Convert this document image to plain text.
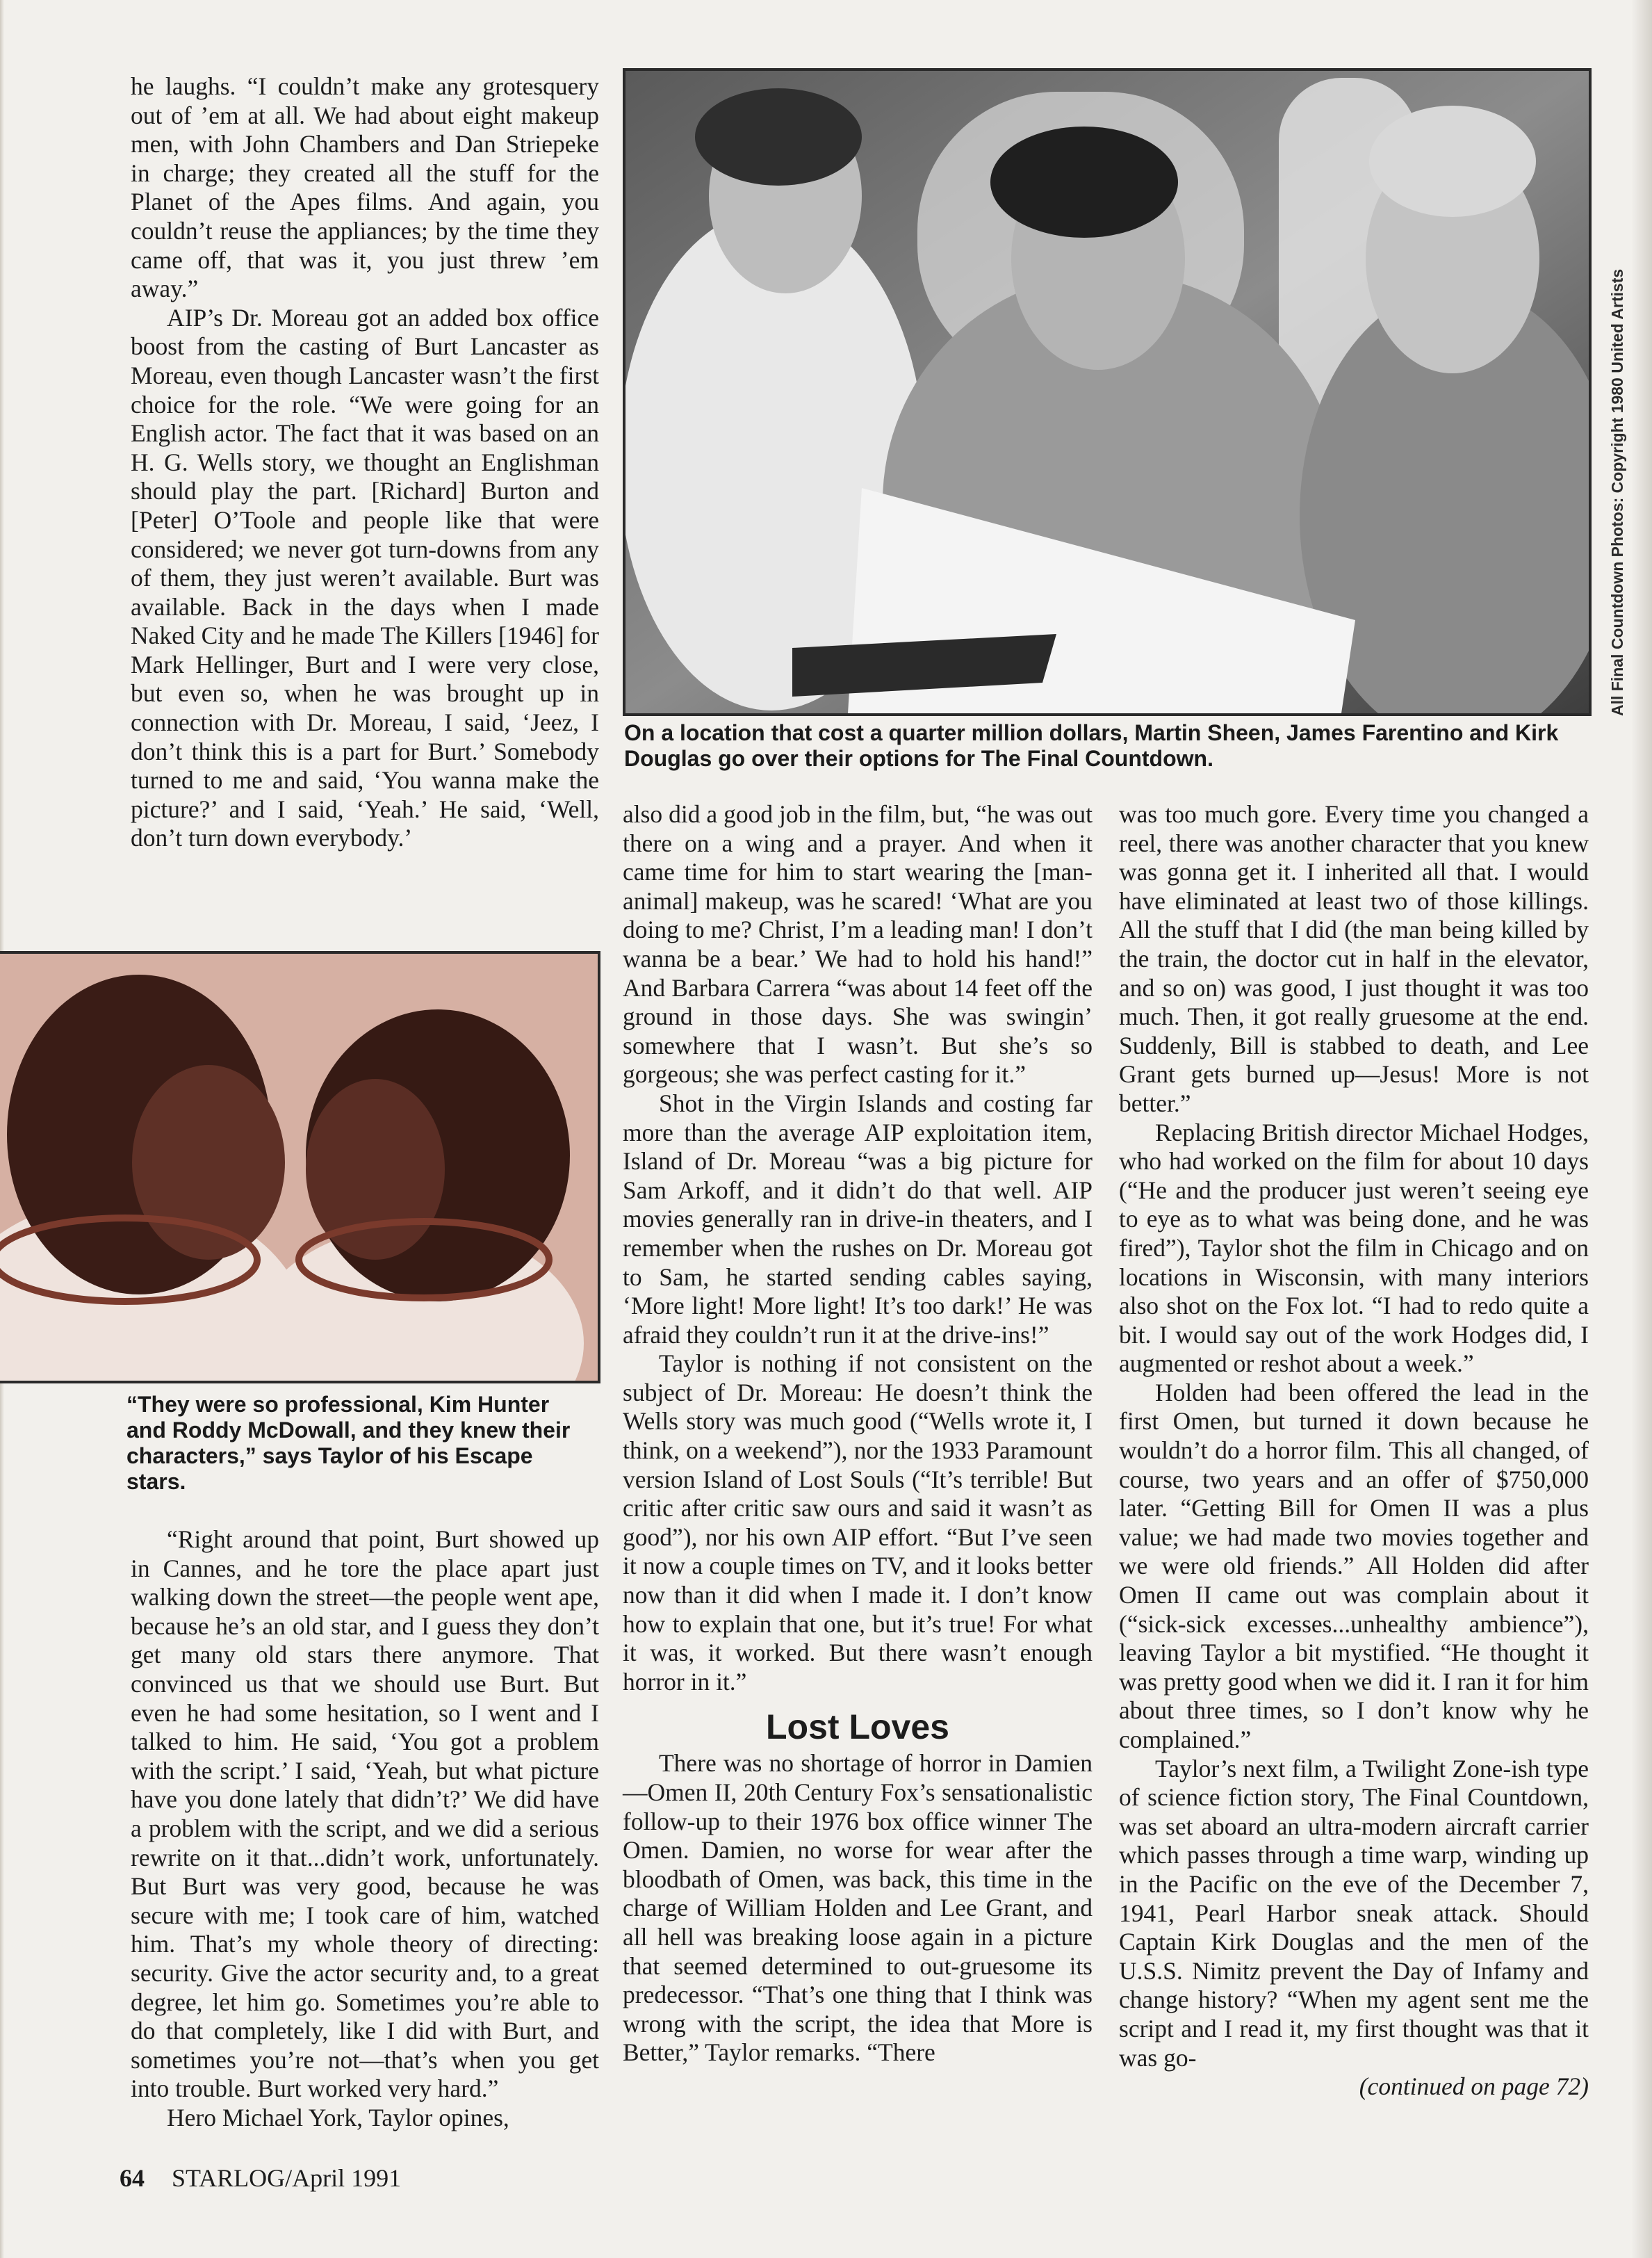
he laughs. “I couldn’t make any grotesquery out of ’em at all. We had about eight makeup men, with John Chambers and Dan Striepeke in charge; they created all the stuff for the Planet of the Apes films. And again, you couldn’t reuse the appliances; by the time they came off, that was it, you just threw ’em away.”

AIP’s Dr. Moreau got an added box office boost from the casting of Burt Lancaster as Moreau, even though Lancaster wasn’t the first choice for the role. “We were going for an English actor. The fact that it was based on an H. G. Wells story, we thought an Englishman should play the part. [Richard] Burton and [Peter] O’Toole and people like that were considered; we never got turn-downs from any of them, they just weren’t available. Burt was available. Back in the days when I made Naked City and he made The Killers [1946] for Mark Hellinger, Burt and I were very close, but even so, when he was brought up in connection with Dr. Moreau, I said, ‘Jeez, I don’t think this is a part for Burt.’ Somebody turned to me and said, ‘You wanna make the picture?’ and I said, ‘Yeah.’ He said, ‘Well, don’t turn down everybody.’

On a location that cost a quarter million dollars, Martin Sheen, James Farentino and Kirk Douglas go over their options for The Final Countdown.
All Final Countdown Photos: Copyright 1980 United Artists
“They were so professional, Kim Hunter and Roddy McDowall, and they knew their characters,” says Taylor of his Escape stars.

“Right around that point, Burt showed up in Cannes, and he tore the place apart just walking down the street—the people went ape, because he’s an old star, and I guess they don’t get many old stars there anymore. That convinced us that we should use Burt. But even he had some hesitation, so I went and I talked to him. He said, ‘You got a problem with the script.’ I said, ‘Yeah, but what picture have you done lately that didn’t?’ We did have a problem with the script, and we did a serious rewrite on it that...didn’t work, unfortunately. But Burt was very good, because he was secure with me; I took care of him, watched him. That’s my whole theory of directing: security. Give the actor security and, to a great degree, let him go. Sometimes you’re able to do that completely, like I did with Burt, and sometimes you’re not—that’s when you get into trouble. Burt worked very hard.”

Hero Michael York, Taylor opines,

also did a good job in the film, but, “he was out there on a wing and a prayer. And when it came time for him to start wearing the [man-animal] makeup, was he scared! ‘What are you doing to me? Christ, I’m a leading man! I don’t wanna be a bear.’ We had to hold his hand!” And Barbara Carrera “was about 14 feet off the ground in those days. She was swingin’ somewhere that I wasn’t. But she’s so gorgeous; she was perfect casting for it.”

Shot in the Virgin Islands and costing far more than the average AIP exploitation item, Island of Dr. Moreau “was a big picture for Sam Arkoff, and it didn’t do that well. AIP movies generally ran in drive-in theaters, and I remember when the rushes on Dr. Moreau got to Sam, he started sending cables saying, ‘More light! More light! It’s too dark!’ He was afraid they couldn’t run it at the drive-ins!”

Taylor is nothing if not consistent on the subject of Dr. Moreau: He doesn’t think the Wells story was much good (“Wells wrote it, I think, on a weekend”), nor the 1933 Paramount version Island of Lost Souls (“It’s terrible! But critic after critic saw ours and said it wasn’t as good”), nor his own AIP effort. “But I’ve seen it now a couple times on TV, and it looks better now than it did when I made it. I don’t know how to explain that one, but it’s true! For what it was, it worked. But there wasn’t enough horror in it.”

Lost Loves

There was no shortage of horror in Damien—Omen II, 20th Century Fox’s sensationalistic follow-up to their 1976 box office winner The Omen. Damien, no worse for wear after the bloodbath of Omen, was back, this time in the charge of William Holden and Lee Grant, and all hell was breaking loose again in a picture that seemed determined to out-gruesome its predecessor. “That’s one thing that I think was wrong with the script, the idea that More is Better,” Taylor remarks. “There

was too much gore. Every time you changed a reel, there was another character that you knew was gonna get it. I inherited all that. I would have eliminated at least two of those killings. All the stuff that I did (the man being killed by the train, the doctor cut in half in the elevator, and so on) was good, I just thought it was too much. Then, it got really gruesome at the end. Suddenly, Bill is stabbed to death, and Lee Grant gets burned up—Jesus! More is not better.”

Replacing British director Michael Hodges, who had worked on the film for about 10 days (“He and the producer just weren’t seeing eye to eye as to what was being done, and he was fired”), Taylor shot the film in Chicago and on locations in Wisconsin, with many interiors also shot on the Fox lot. “I had to redo quite a bit. I would say out of the work Hodges did, I augmented or reshot about a week.”

Holden had been offered the lead in the first Omen, but turned it down because he wouldn’t do a horror film. This all changed, of course, two years and an offer of $750,000 later. “Getting Bill for Omen II was a plus value; we had made two movies together and we were old friends.” All Holden did after Omen II came out was complain about it (“sick-sick excesses...unhealthy ambience”), leaving Taylor a bit mystified. “He thought it was pretty good when we did it. I ran it for him about three times, so I don’t know why he complained.”

Taylor’s next film, a Twilight Zone-ish type of science fiction story, The Final Countdown, was set aboard an ultra-modern aircraft carrier which passes through a time warp, winding up in the Pacific on the eve of the December 7, 1941, Pearl Harbor sneak attack. Should Captain Kirk Douglas and the men of the U.S.S. Nimitz prevent the Day of Infamy and change history? “When my agent sent me the script and I read it, my first thought was that it was go-

(continued on page 72)

64 STARLOG/April 1991
